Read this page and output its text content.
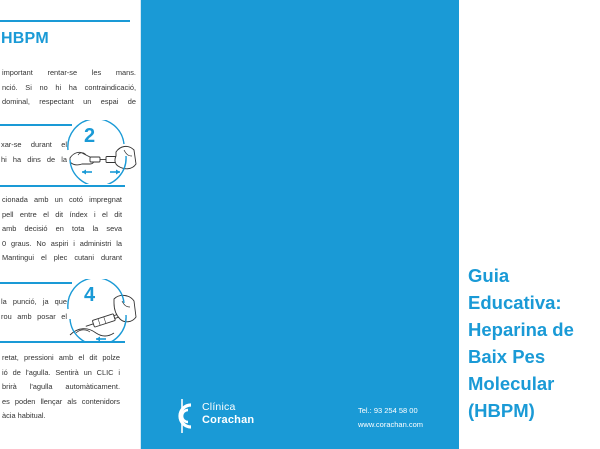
HBPM
important rentar-se les mans.
nció. Si no hi ha contraindicació,
dominal, respectant un espai de
xar-se durant el
hi ha dins de la
2
cionada amb un cotó impregnat
pell entre el dit índex i el dit
amb decisió en tota la seva
0 graus. No aspiri i administri la
Mantingui el plec cutani durant
la punció, ja que
rou amb posar el
4
retat, pressioni amb el dit polze
ió de l'agulla. Sentirà un CLIC i
brirà l'agulla automàticament.
es poden llençar als contenidors
àcia habitual.
Clínica
Corachan
Tel.: 93 254 58 00
www.corachan.com
Guia
Educativa:
Heparina de
Baix Pes
Molecular
(HBPM)
